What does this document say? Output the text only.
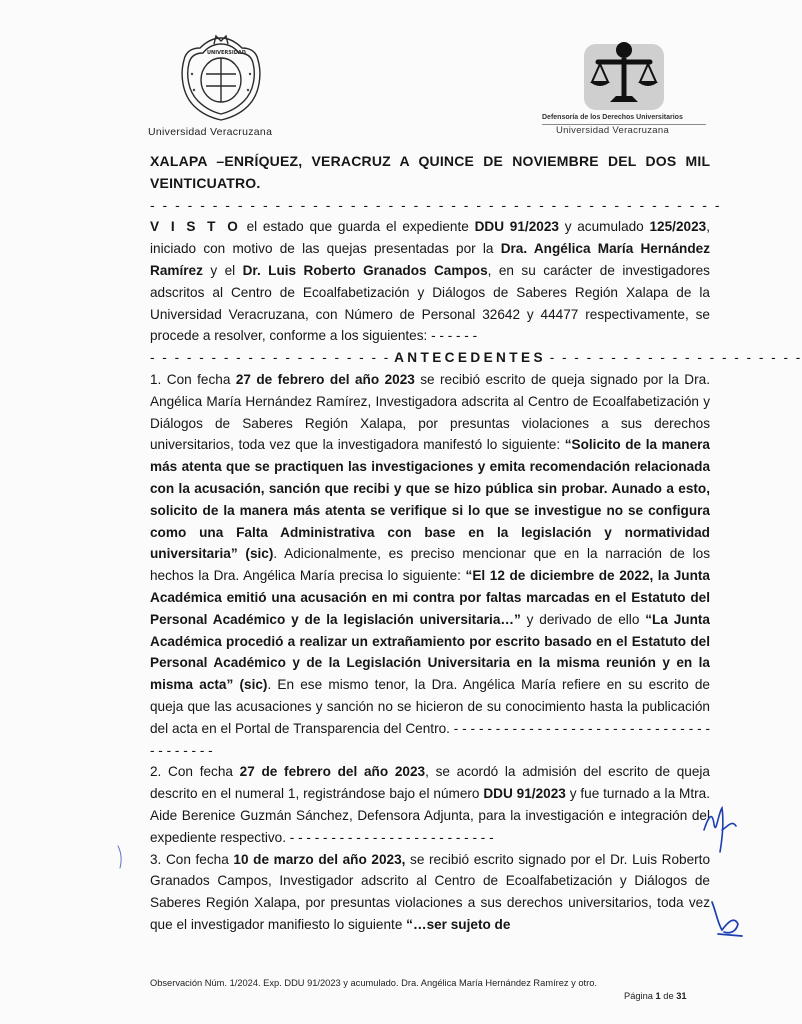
UNIVERSIDAD
Universidad Veracruzana
Defensoría de los Derechos Universitarios
Universidad Veracruzana

XALAPA –ENRÍQUEZ, VERACRUZ A QUINCE DE NOVIEMBRE DEL DOS MIL VEINTICUATRO. - - - - - - - - - - - - - - - - - - - - - - - - - - - - - - - - - - - - - - - - - - - - - -

V I S T O el estado que guarda el expediente DDU 91/2023 y acumulado 125/2023, iniciado con motivo de las quejas presentadas por la Dra. Angélica María Hernández Ramírez y el Dr. Luis Roberto Granados Campos, en su carácter de investigadores adscritos al Centro de Ecoalfabetización y Diálogos de Saberes Región Xalapa de la Universidad Veracruzana, con Número de Personal 32642 y 44477 respectivamente, se procede a resolver, conforme a los siguientes: - - - - - -

- - - - - - - - - - - - - - - - - - - - ANTECEDENTES - - - - - - - - - - - - - - - - - - - - -

1. Con fecha 27 de febrero del año 2023 se recibió escrito de queja signado por la Dra. Angélica María Hernández Ramírez, Investigadora adscrita al Centro de Ecoalfabetización y Diálogos de Saberes Región Xalapa, por presuntas violaciones a sus derechos universitarios, toda vez que la investigadora manifestó lo siguiente: “Solicito de la manera más atenta que se practiquen las investigaciones y emita recomendación relacionada con la acusación, sanción que recibi y que se hizo pública sin probar. Aunado a esto, solicito de la manera más atenta se verifique si lo que se investigue no se configura como una Falta Administrativa con base en la legislación y normatividad universitaria” (sic). Adicionalmente, es preciso mencionar que en la narración de los hechos la Dra. Angélica María precisa lo siguiente: “El 12 de diciembre de 2022, la Junta Académica emitió una acusación en mi contra por faltas marcadas en el Estatuto del Personal Académico y de la legislación universitaria…” y derivado de ello “La Junta Académica procedió a realizar un extrañamiento por escrito basado en el Estatuto del Personal Académico y de la Legislación Universitaria en la misma reunión y en la misma acta” (sic). En ese mismo tenor, la Dra. Angélica María refiere en su escrito de queja que las acusaciones y sanción no se hicieron de su conocimiento hasta la publicación del acta en el Portal de Transparencia del Centro. - - - - - - - - - - - - - - - - - - - - - - - - - - - - - - - - - - - - - - -

2. Con fecha 27 de febrero del año 2023, se acordó la admisión del escrito de queja descrito en el numeral 1, registrándose bajo el número DDU 91/2023 y fue turnado a la Mtra. Aide Berenice Guzmán Sánchez, Defensora Adjunta, para la investigación e integración del expediente respectivo. - - - - - - - - - - - - - - - - - - - - - - - - -

3. Con fecha 10 de marzo del año 2023, se recibió escrito signado por el Dr. Luis Roberto Granados Campos, Investigador adscrito al Centro de Ecoalfabetización y Diálogos de Saberes Región Xalapa, por presuntas violaciones a sus derechos universitarios, toda vez que el investigador manifiesto lo siguiente “…ser sujeto de

Observación Núm. 1/2024. Exp. DDU 91/2023 y acumulado. Dra. Angélica María Hernández Ramírez y otro.
Página 1 de 31
